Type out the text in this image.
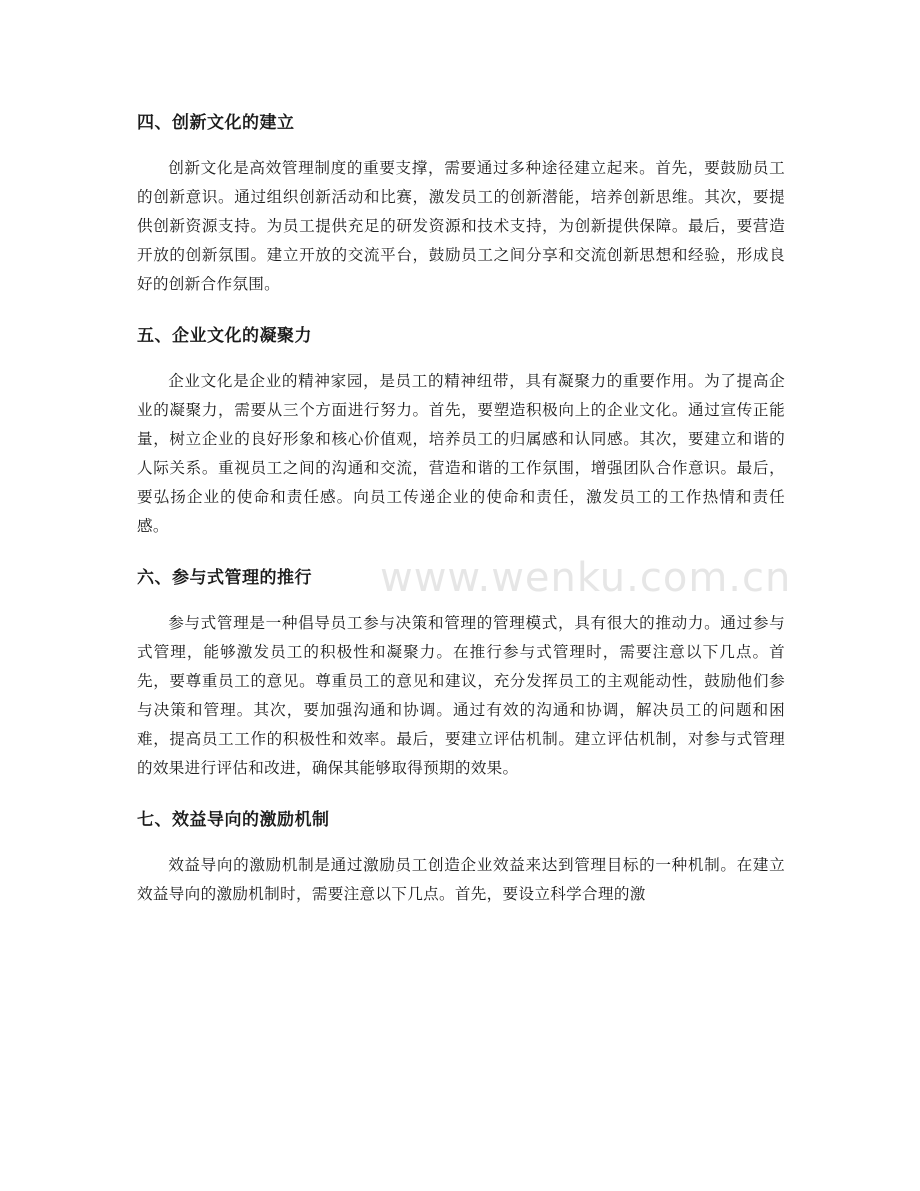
四、创新文化的建立

创新文化是高效管理制度的重要支撑，需要通过多种途径建立起来。首先，要鼓励员工的创新意识。通过组织创新活动和比赛，激发员工的创新潜能，培养创新思维。其次，要提供创新资源支持。为员工提供充足的研发资源和技术支持，为创新提供保障。最后，要营造开放的创新氛围。建立开放的交流平台，鼓励员工之间分享和交流创新思想和经验，形成良好的创新合作氛围。

五、企业文化的凝聚力

企业文化是企业的精神家园，是员工的精神纽带，具有凝聚力的重要作用。为了提高企业的凝聚力，需要从三个方面进行努力。首先，要塑造积极向上的企业文化。通过宣传正能量，树立企业的良好形象和核心价值观，培养员工的归属感和认同感。其次，要建立和谐的人际关系。重视员工之间的沟通和交流，营造和谐的工作氛围，增强团队合作意识。最后，要弘扬企业的使命和责任感。向员工传递企业的使命和责任，激发员工的工作热情和责任感。

六、参与式管理的推行

参与式管理是一种倡导员工参与决策和管理的管理模式，具有很大的推动力。通过参与式管理，能够激发员工的积极性和凝聚力。在推行参与式管理时，需要注意以下几点。首先，要尊重员工的意见。尊重员工的意见和建议，充分发挥员工的主观能动性，鼓励他们参与决策和管理。其次，要加强沟通和协调。通过有效的沟通和协调，解决员工的问题和困难，提高员工工作的积极性和效率。最后，要建立评估机制。建立评估机制，对参与式管理的效果进行评估和改进，确保其能够取得预期的效果。

七、效益导向的激励机制

效益导向的激励机制是通过激励员工创造企业效益来达到管理目标的一种机制。在建立效益导向的激励机制时，需要注意以下几点。首先，要设立科学合理的激

www.wenku.com.cn
